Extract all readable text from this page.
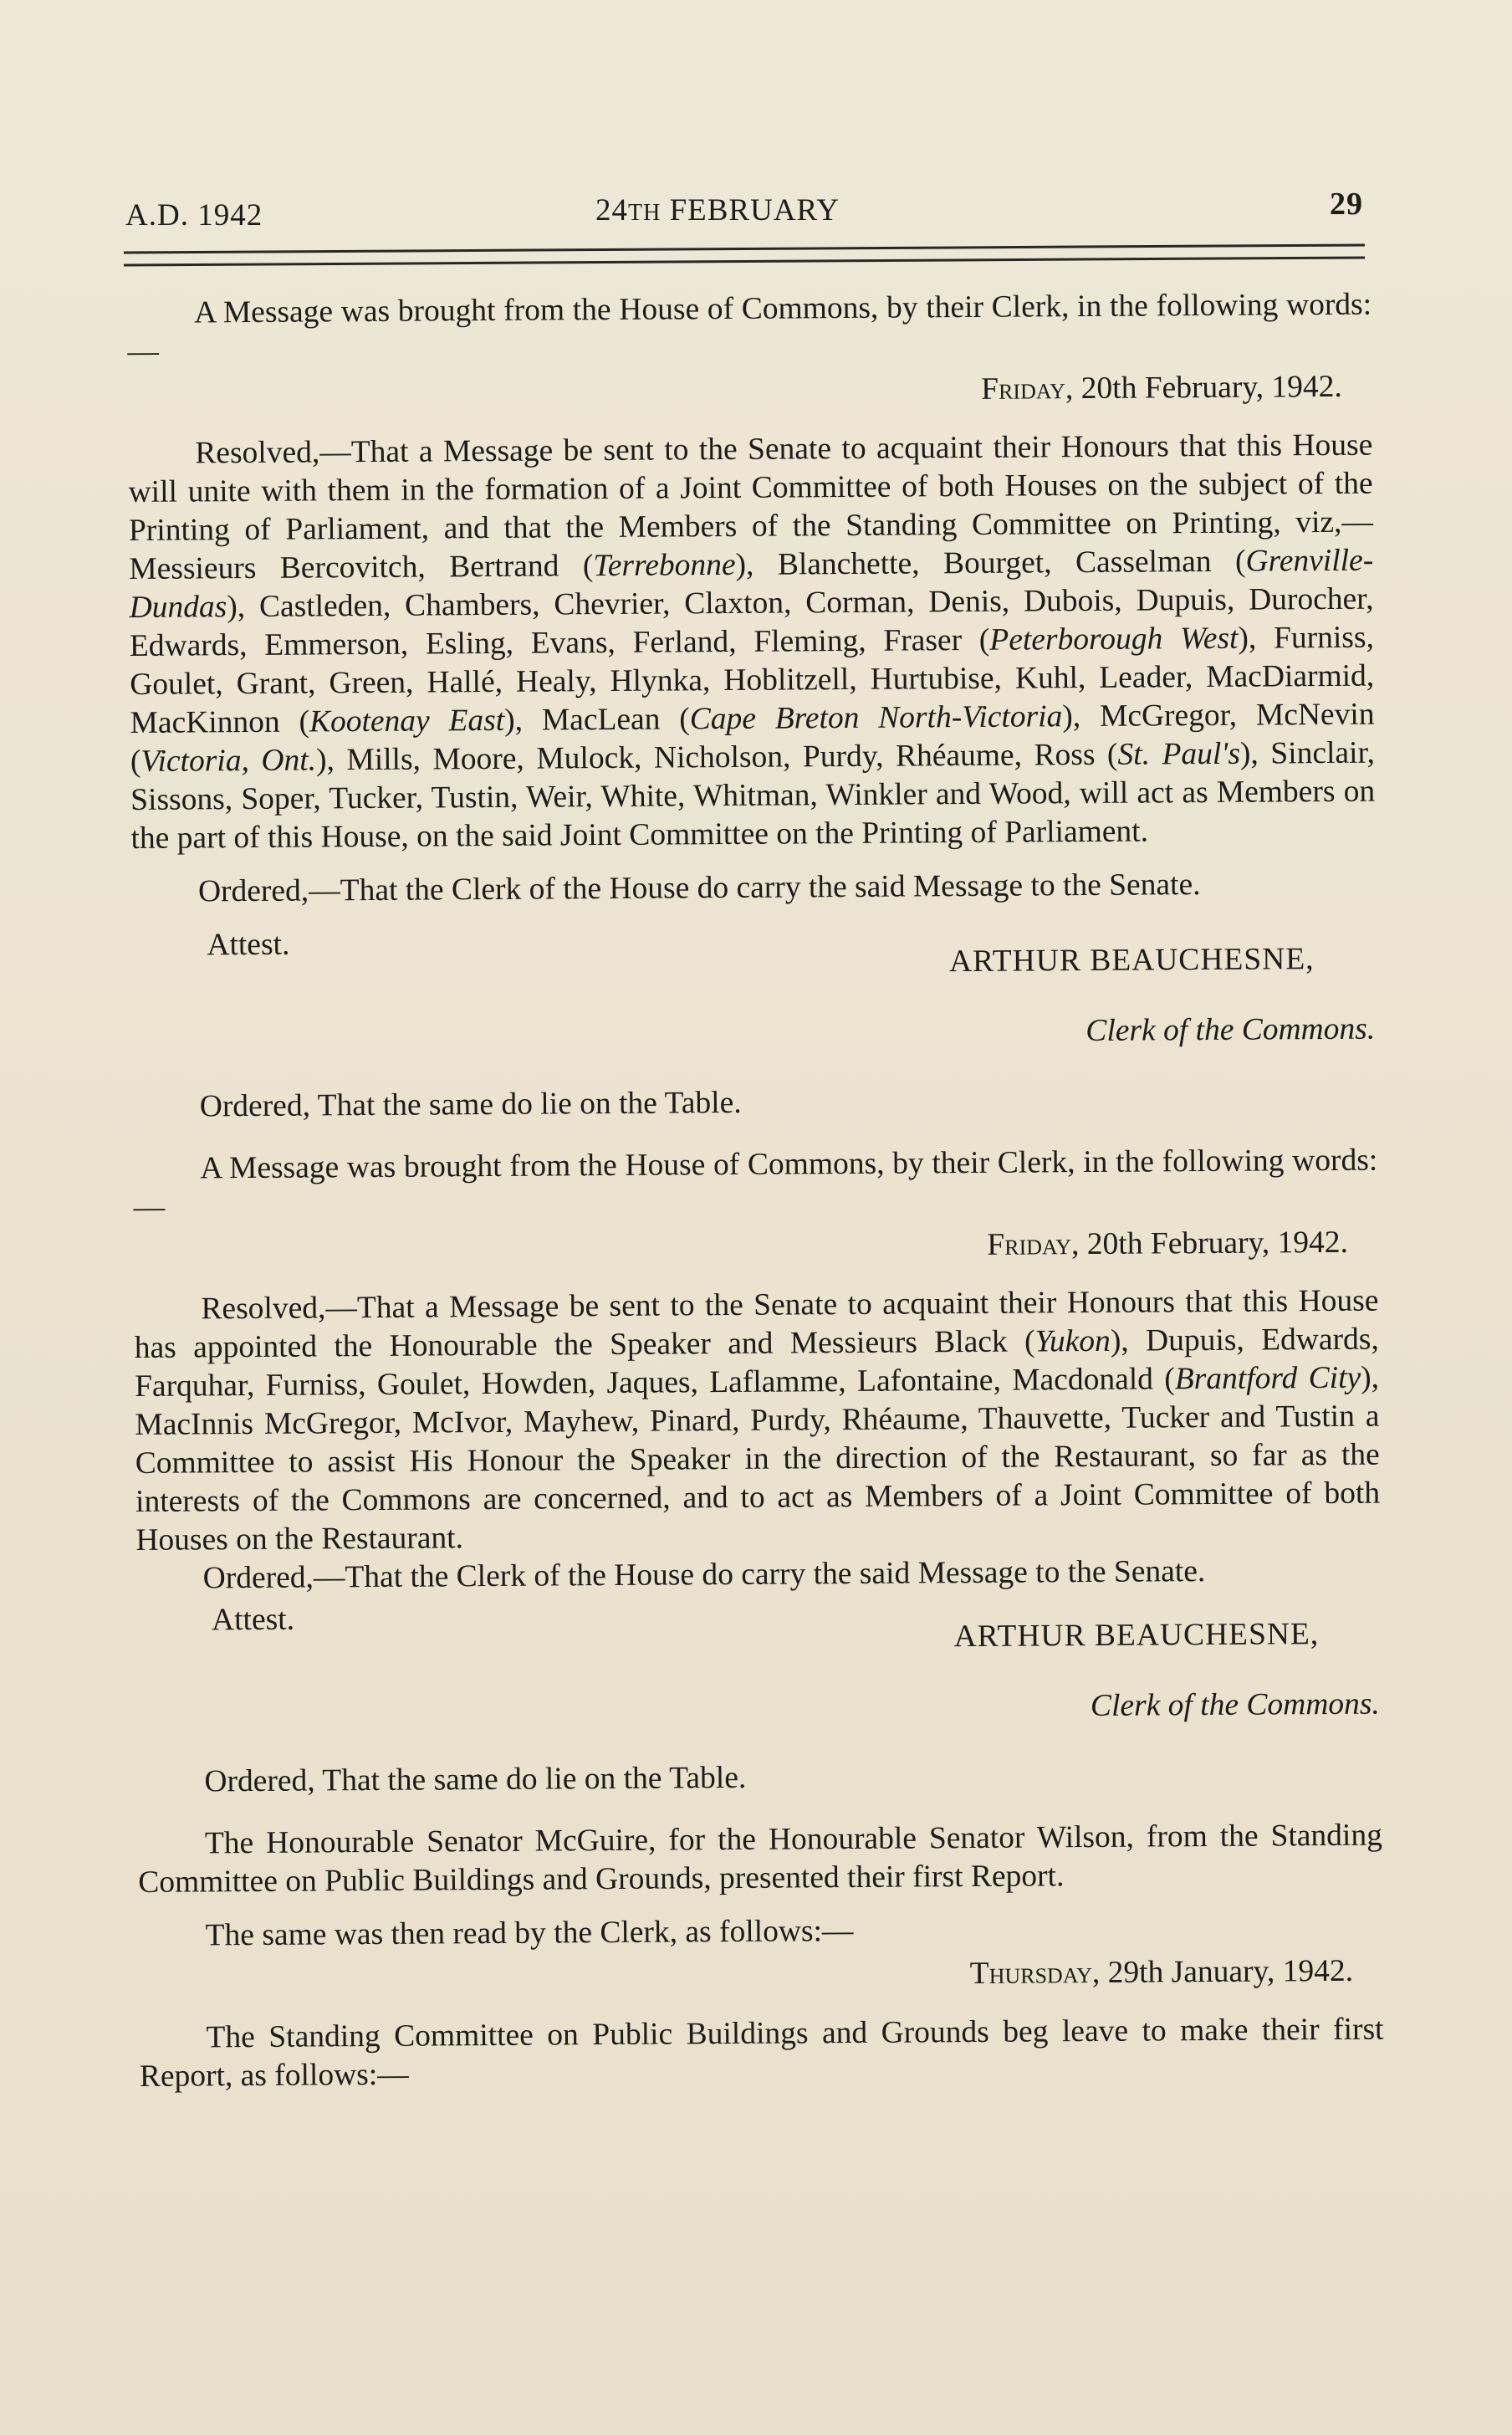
A.D. 1942	24TH FEBRUARY	29

A Message was brought from the House of Commons, by their Clerk, in the following words:—

Friday, 20th February, 1942.

Resolved,—That a Message be sent to the Senate to acquaint their Honours that this House will unite with them in the formation of a Joint Committee of both Houses on the subject of the Printing of Parliament, and that the Members of the Standing Committee on Printing, viz,—Messieurs Bercovitch, Bertrand (Terrebonne), Blanchette, Bourget, Casselman (Grenville-Dundas), Castleden, Chambers, Chevrier, Claxton, Corman, Denis, Dubois, Dupuis, Durocher, Edwards, Emmerson, Esling, Evans, Ferland, Fleming, Fraser (Peterborough West), Furniss, Goulet, Grant, Green, Hallé, Healy, Hlynka, Hoblitzell, Hurtubise, Kuhl, Leader, MacDiarmid, MacKinnon (Kootenay East), MacLean (Cape Breton North-Victoria), McGregor, McNevin (Victoria, Ont.), Mills, Moore, Mulock, Nicholson, Purdy, Rhéaume, Ross (St. Paul's), Sinclair, Sissons, Soper, Tucker, Tustin, Weir, White, Whitman, Winkler and Wood, will act as Members on the part of this House, on the said Joint Committee on the Printing of Parliament.

Ordered,—That the Clerk of the House do carry the said Message to the Senate.

Attest.	ARTHUR BEAUCHESNE,

Clerk of the Commons.

Ordered, That the same do lie on the Table.

A Message was brought from the House of Commons, by their Clerk, in the following words:—

Friday, 20th February, 1942.

Resolved,—That a Message be sent to the Senate to acquaint their Honours that this House has appointed the Honourable the Speaker and Messieurs Black (Yukon), Dupuis, Edwards, Farquhar, Furniss, Goulet, Howden, Jaques, Laflamme, Lafontaine, Macdonald (Brantford City), MacInnis McGregor, McIvor, Mayhew, Pinard, Purdy, Rhéaume, Thauvette, Tucker and Tustin a Committee to assist His Honour the Speaker in the direction of the Restaurant, so far as the interests of the Commons are concerned, and to act as Members of a Joint Committee of both Houses on the Restaurant.

Ordered,—That the Clerk of the House do carry the said Message to the Senate.

Attest.	ARTHUR BEAUCHESNE,

Clerk of the Commons.

Ordered, That the same do lie on the Table.

The Honourable Senator McGuire, for the Honourable Senator Wilson, from the Standing Committee on Public Buildings and Grounds, presented their first Report.

The same was then read by the Clerk, as follows:—

Thursday, 29th January, 1942.

The Standing Committee on Public Buildings and Grounds beg leave to make their first Report, as follows:—
